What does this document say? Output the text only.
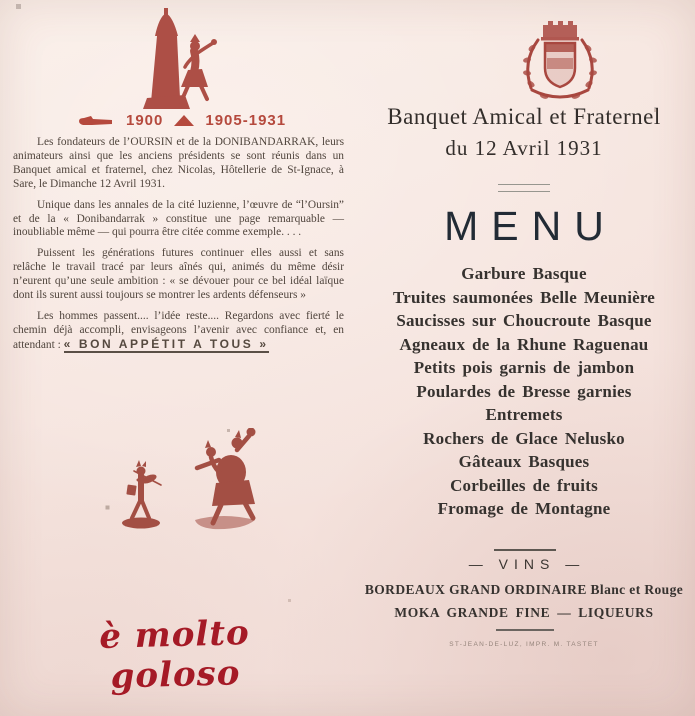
1900	1905-1931

Les fondateurs de l’OURSIN et de la DONIBANDARRAK, leurs animateurs ainsi que les anciens présidents se sont réunis dans un Banquet amical et fraternel, chez Nicolas, Hôtellerie de St-Ignace, à Sare, le Dimanche 12 Avril 1931.

Unique dans les annales de la cité luzienne, l’œuvre de “l’Oursin” et de la « Donibandarrak » constitue une page remarquable — inoubliable même — qui pourra être citée comme exemple. . . .

Puissent les générations futures continuer elles aussi et sans relâche le travail tracé par leurs aînés qui, animés du même désir n’eurent qu’une seule ambition : « se dévouer pour ce bel idéal laïque dont ils surent aussi toujours se montrer les ardents défenseurs »

Les hommes passent.... l’idée reste.... Regardons avec fierté le chemin déjà accompli, envisageons l’avenir avec confiance et, en attendant : « BON APPÉTIT A TOUS »

è molto goloso
Banquet Amical et Fraternel
du 12 Avril 1931
MENU
Garbure Basque
Truites saumonées Belle Meunière
Saucisses sur Choucroute Basque
Agneaux de la Rhune Raguenau
Petits pois garnis de jambon
Poulardes de Bresse garnies
Entremets
Rochers de Glace Nelusko
Gâteaux Basques
Corbeilles de fruits
Fromage de Montagne
— VINS —
BORDEAUX GRAND ORDINAIRE Blanc et Rouge
MOKA GRANDE FINE — LIQUEURS
ST-JEAN-DE-LUZ, IMPR. M. TASTET
